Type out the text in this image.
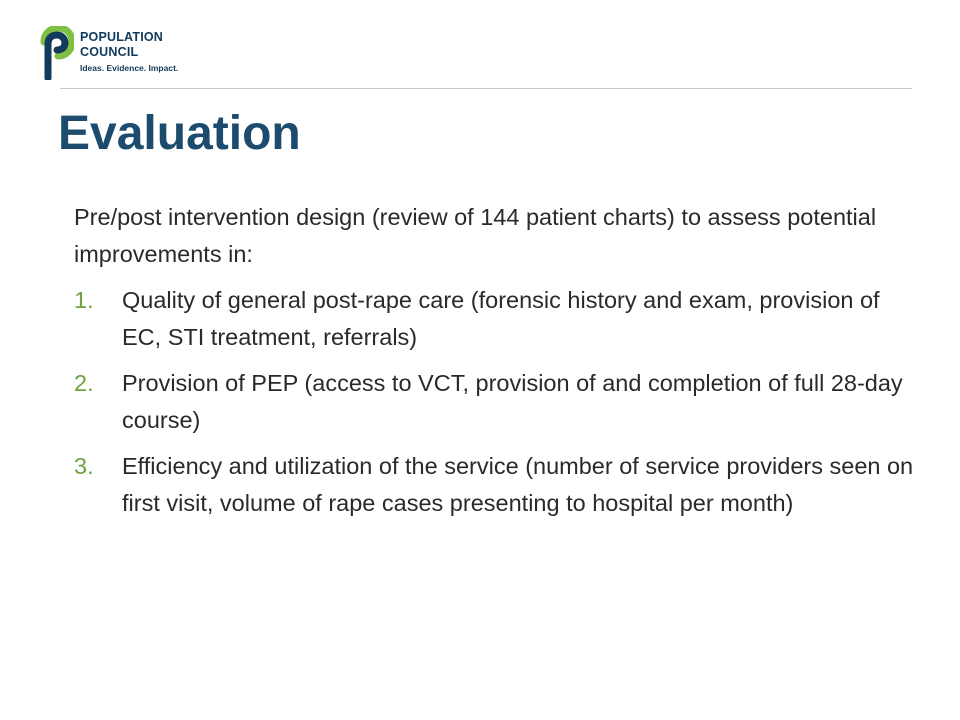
POPULATION
COUNCIL
Ideas. Evidence. Impact.
Evaluation

Pre/post intervention design (review of 144 patient charts) to assess potential improvements in:

1. Quality of general post-rape care (forensic history and exam, provision of EC, STI treatment, referrals)
2. Provision of PEP (access to VCT, provision of and completion of full 28-day course)
3. Efficiency and utilization of the service (number of service providers seen on first visit, volume of rape cases presenting to hospital per month)
